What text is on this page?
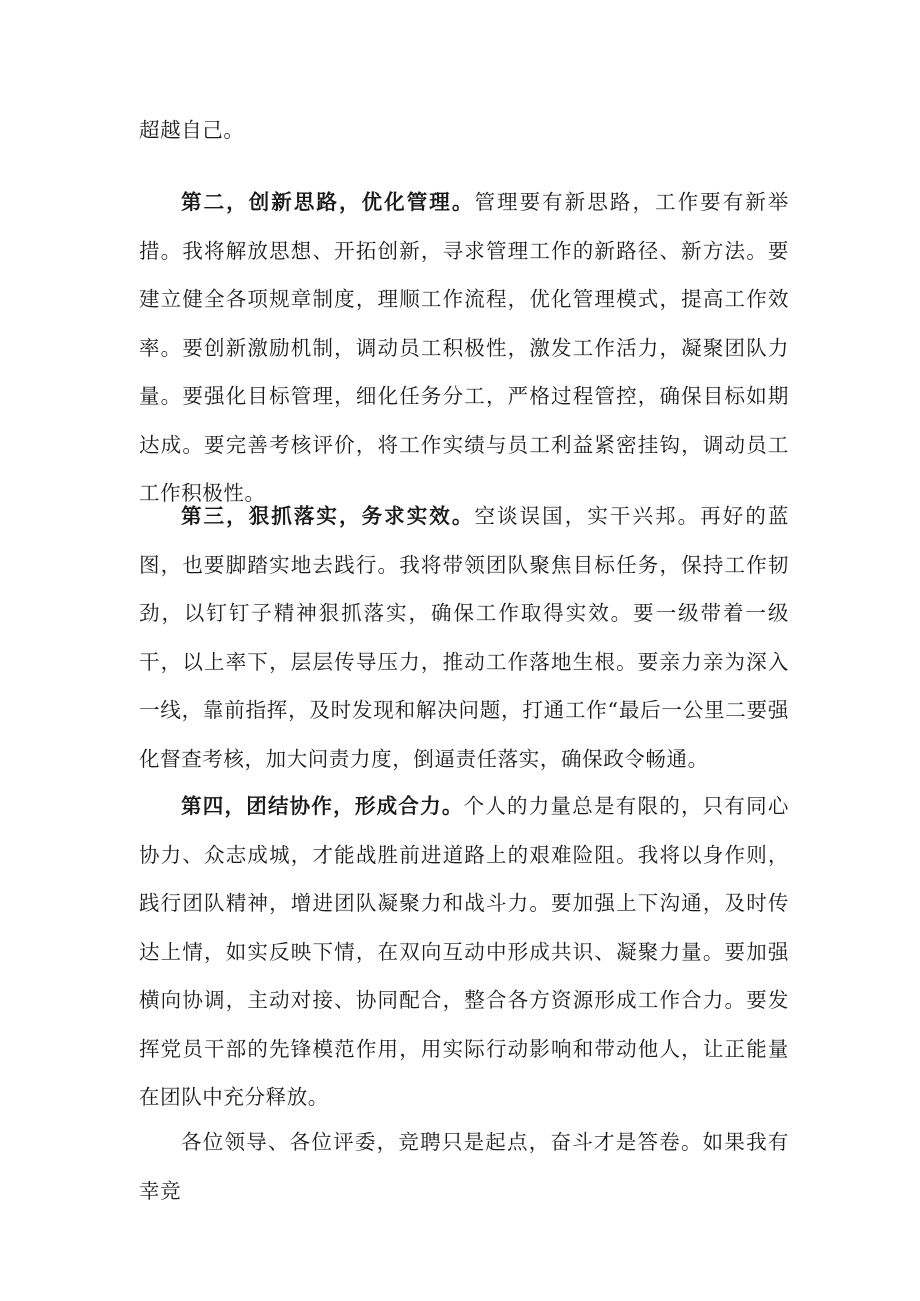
超越自己。

第二，创新思路，优化管理。管理要有新思路，工作要有新举措。我将解放思想、开拓创新，寻求管理工作的新路径、新方法。要建立健全各项规章制度，理顺工作流程，优化管理模式，提高工作效率。要创新激励机制，调动员工积极性，激发工作活力，凝聚团队力量。要强化目标管理，细化任务分工，严格过程管控，确保目标如期达成。要完善考核评价，将工作实绩与员工利益紧密挂钩，调动员工工作积极性。

第三，狠抓落实，务求实效。空谈误国，实干兴邦。再好的蓝图，也要脚踏实地去践行。我将带领团队聚焦目标任务，保持工作韧劲，以钉钉子精神狠抓落实，确保工作取得实效。要一级带着一级干，以上率下，层层传导压力，推动工作落地生根。要亲力亲为深入一线，靠前指挥，及时发现和解决问题，打通工作“最后一公里二要强化督查考核，加大问责力度，倒逼责任落实，确保政令畅通。

第四，团结协作，形成合力。个人的力量总是有限的，只有同心协力、众志成城，才能战胜前进道路上的艰难险阻。我将以身作则，践行团队精神，增进团队凝聚力和战斗力。要加强上下沟通，及时传达上情，如实反映下情，在双向互动中形成共识、凝聚力量。要加强横向协调，主动对接、协同配合，整合各方资源形成工作合力。要发挥党员干部的先锋模范作用，用实际行动影响和带动他人，让正能量在团队中充分释放。

各位领导、各位评委，竞聘只是起点，奋斗才是答卷。如果我有幸竞
